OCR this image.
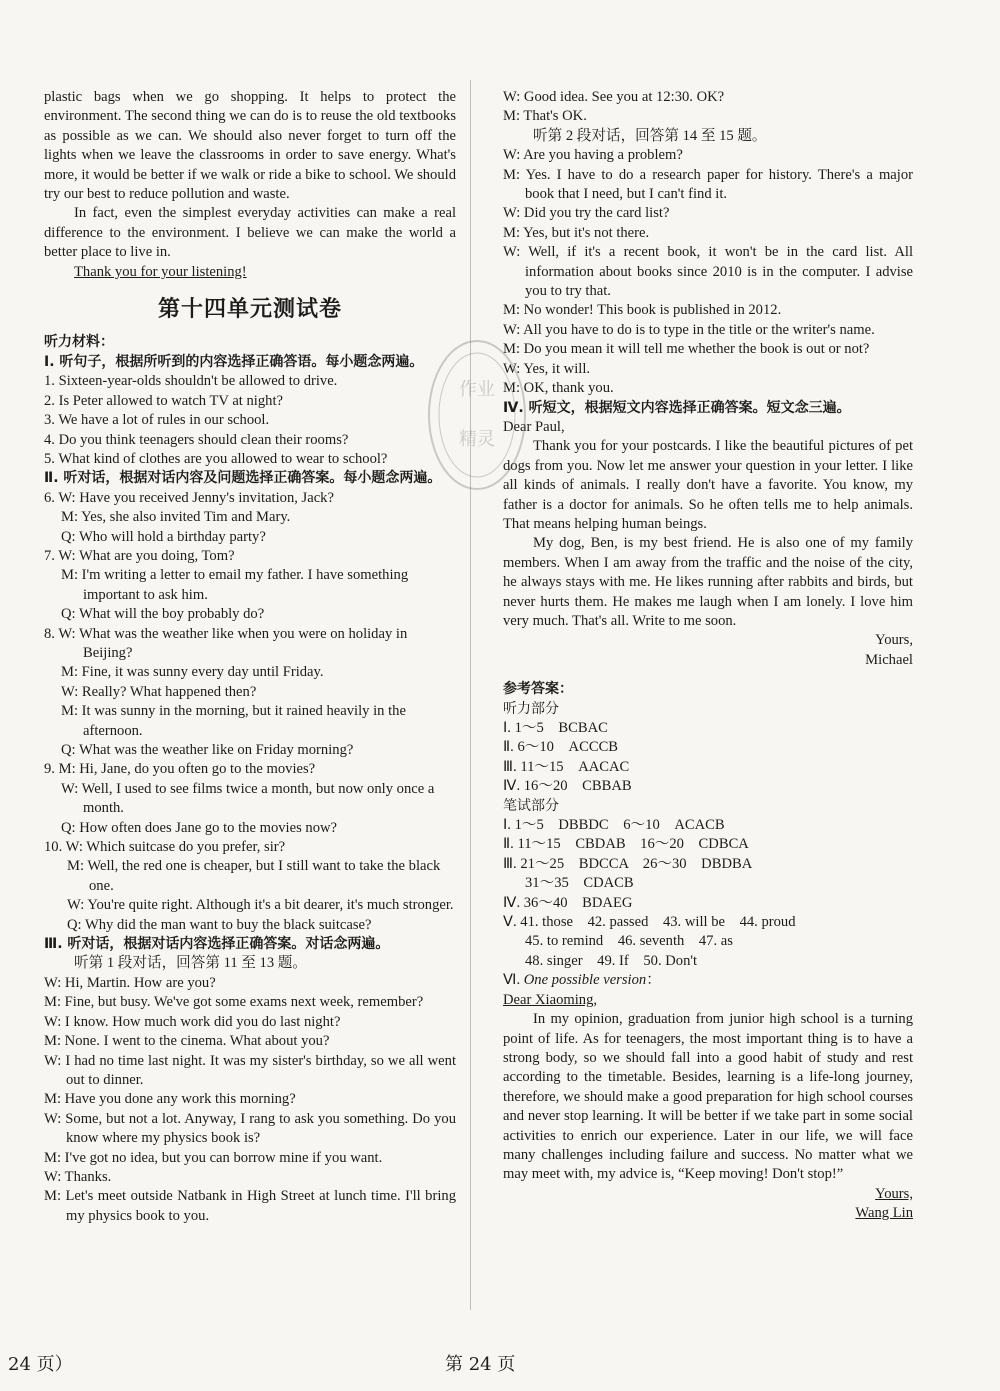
plastic bags when we go shopping. It helps to protect the environment. The second thing we can do is to reuse the old textbooks as possible as we can. We should also never forget to turn off the lights when we leave the classrooms in order to save energy. What's more, it would be better if we walk or ride a bike to school. We should try our best to reduce pollution and waste.

In fact, even the simplest everyday activities can make a real difference to the environment. I believe we can make the world a better place to live in.

Thank you for your listening!

第十四单元测试卷

听力材料：

Ⅰ. 听句子，根据所听到的内容选择正确答语。每小题念两遍。

1. Sixteen-year-olds shouldn't be allowed to drive.

2. Is Peter allowed to watch TV at night?

3. We have a lot of rules in our school.

4. Do you think teenagers should clean their rooms?

5. What kind of clothes are you allowed to wear to school?

Ⅱ. 听对话，根据对话内容及问题选择正确答案。每小题念两遍。

6. W: Have you received Jenny's invitation, Jack?

M: Yes, she also invited Tim and Mary.

Q: Who will hold a birthday party?

7. W: What are you doing, Tom?

M: I'm writing a letter to email my father. I have something important to ask him.

Q: What will the boy probably do?

8. W: What was the weather like when you were on holiday in Beijing?

M: Fine, it was sunny every day until Friday.

W: Really? What happened then?

M: It was sunny in the morning, but it rained heavily in the afternoon.

Q: What was the weather like on Friday morning?

9. M: Hi, Jane, do you often go to the movies?

W: Well, I used to see films twice a month, but now only once a month.

Q: How often does Jane go to the movies now?

10. W: Which suitcase do you prefer, sir?

M: Well, the red one is cheaper, but I still want to take the black one.

W: You're quite right. Although it's a bit dearer, it's much stronger.

Q: Why did the man want to buy the black suitcase?

Ⅲ. 听对话，根据对话内容选择正确答案。对话念两遍。

听第 1 段对话，回答第 11 至 13 题。

W: Hi, Martin. How are you?

M: Fine, but busy. We've got some exams next week, remember?

W: I know. How much work did you do last night?

M: None. I went to the cinema. What about you?

W: I had no time last night. It was my sister's birthday, so we all went out to dinner.

M: Have you done any work this morning?

W: Some, but not a lot. Anyway, I rang to ask you something. Do you know where my physics book is?

M: I've got no idea, but you can borrow mine if you want.

W: Thanks.

M: Let's meet outside Natbank in High Street at lunch time. I'll bring my physics book to you.

W: Good idea. See you at 12:30. OK?

M: That's OK.

听第 2 段对话，回答第 14 至 15 题。

W: Are you having a problem?

M: Yes. I have to do a research paper for history. There's a major book that I need, but I can't find it.

W: Did you try the card list?

M: Yes, but it's not there.

W: Well, if it's a recent book, it won't be in the card list. All information about books since 2010 is in the computer. I advise you to try that.

M: No wonder! This book is published in 2012.

W: All you have to do is to type in the title or the writer's name.

M: Do you mean it will tell me whether the book is out or not?

W: Yes, it will.

M: OK, thank you.

Ⅳ. 听短文，根据短文内容选择正确答案。短文念三遍。

Dear Paul,

Thank you for your postcards. I like the beautiful pictures of pet dogs from you. Now let me answer your question in your letter. I like all kinds of animals. I really don't have a favorite. You know, my father is a doctor for animals. So he often tells me to help animals. That means helping human beings.

My dog, Ben, is my best friend. He is also one of my family members. When I am away from the traffic and the noise of the city, he always stays with me. He likes running after rabbits and birds, but never hurts them. He makes me laugh when I am lonely. I love him very much. That's all. Write to me soon.

Yours,

Michael

参考答案：

听力部分

Ⅰ. 1～5　BCBAC

Ⅱ. 6～10　ACCCB

Ⅲ. 11～15　AACAC

Ⅳ. 16～20　CBBAB

笔试部分

Ⅰ. 1～5　DBBDC　6～10　ACACB

Ⅱ. 11～15　CBDAB　16～20　CDBCA

Ⅲ. 21～25　BDCCA　26～30　DBDBA

31～35　CDACB

Ⅳ. 36～40　BDAEG

Ⅴ. 41. those　42. passed　43. will be　44. proud

45. to remind　46. seventh　47. as

48. singer　49. If　50. Don't

Ⅵ. One possible version：

Dear Xiaoming,

In my opinion, graduation from junior high school is a turning point of life. As for teenagers, the most important thing is to have a strong body, so we should fall into a good habit of study and rest according to the timetable. Besides, learning is a life-long journey, therefore, we should make a good preparation for high school courses and never stop learning. It will be better if we take part in some social activities to enrich our experience. Later in our life, we will face many challenges including failure and success. No matter what we may meet with, my advice is, “Keep moving! Don't stop!”

Yours,

Wang Lin

作业
精灵
24 页）	第 24 页
